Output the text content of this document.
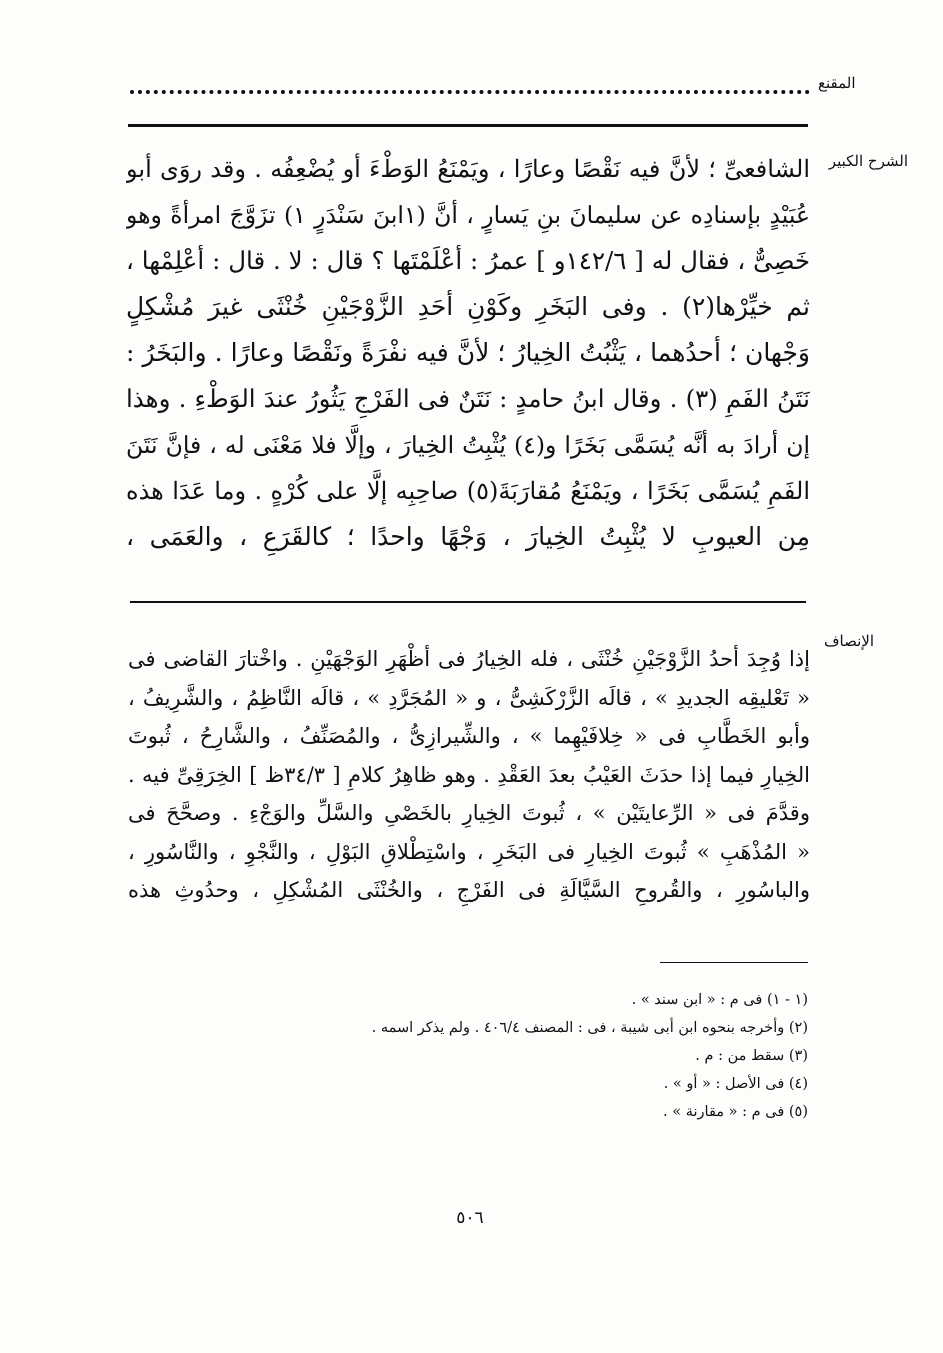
المقنع
الشرح الكبير
الشافعىِّ ؛ لأنَّ فيه نَقْصًا وعارًا ، ويَمْنَعُ الوَطْءَ أو يُضْعِفُه . وقد روَى أبو
عُبَيْدٍ بإسنادِه عن سليمانَ بنِ يَسارٍ ، أنَّ (١ابنَ سَنْدَرٍ ١) تزَوَّجَ امرأةً وهو
خَصِىٌّ ، فقال له [ ١٤٢/٦و ] عمرُ : أعْلَمْتَها ؟ قال : لا . قال : أعْلِمْها ،
ثم خيِّرْها(٢) . وفى البَخَرِ وكَوْنِ أحَدِ الزَّوْجَيْنِ خُنْثَى غيرَ مُشْكِلٍ
وَجْهان ؛ أحدُهما ، يَثْبُتُ الخِيارُ ؛ لأنَّ فيه نفْرَةً ونَقْصًا وعارًا . والبَخَرُ :
نَتَنُ الفَمِ (٣) . وقال ابنُ حامدٍ : نَتَنٌ فى الفَرْجِ يَثُورُ عندَ الوَطْءِ . وهذا
إن أرادَ به أنَّه يُسَمَّى بَخَرًا و(٤) يُثْبِتُ الخِيارَ ، وإلَّا فلا مَعْنَى له ، فإنَّ نَتَنَ
الفَمِ يُسَمَّى بَخَرًا ، ويَمْنَعُ مُقارَبَةَ(٥) صاحِبِه إلَّا على كُرْهٍ . وما عَدَا هذه
مِن العيوبِ لا يُثْبِتُ الخِيارَ ، وَجْهًا واحدًا ؛ كالقَرَعِ ، والعَمَى ،
الإنصاف
إذا وُجِدَ أحدُ الزَّوْجَيْنِ خُنْثَى ، فله الخِيارُ فى أظْهَرِ الوَجْهَيْنِ . واخْتارَ القاضى فى
« تَعْليقِه الجديدِ » ، قالَه الزَّرْكَشِىُّ ، و « المُجَرَّدِ » ، قالَه النَّاظِمُ ، والشَّرِيفُ ،
وأبو الخَطَّابِ فى « خِلافَيْهِما » ، والشِّيرازِىُّ ، والمُصَنِّفُ ، والشَّارِحُ ، ثُبوتَ
الخِيارِ فيما إذا حدَثَ العَيْبُ بعدَ العَقْدِ . وهو ظاهِرُ كلامِ [ ٣٤/٣ظ ] الخِرَقِىِّ فيه .
وقدَّمَ فى « الرِّعايتَيْن » ، ثُبوتَ الخِيارِ بالخَصْىِ والسَّلِّ والوَجْءِ . وصحَّحَ فى
« المُذْهَبِ » ثُبوتَ الخِيارِ فى البَخَرِ ، واسْتِطْلاقِ البَوْلِ ، والنَّجْوِ ، والنَّاسُورِ ،
والباسُورِ ، والقُروحِ السَّيَّالَةِ فى الفَرْجِ ، والخُنْثَى المُشْكِلِ ، وحدُوثِ هذه
(١ - ١) فى م : « ابن سند » .
(٢) وأخرجه بنحوه ابن أبى شيبة ، فى : المصنف ٤٠٦/٤ . ولم يذكر اسمه .
(٣) سقط من : م .
(٤) فى الأصل : « أو » .
(٥) فى م : « مقارنة » .
٥٠٦
